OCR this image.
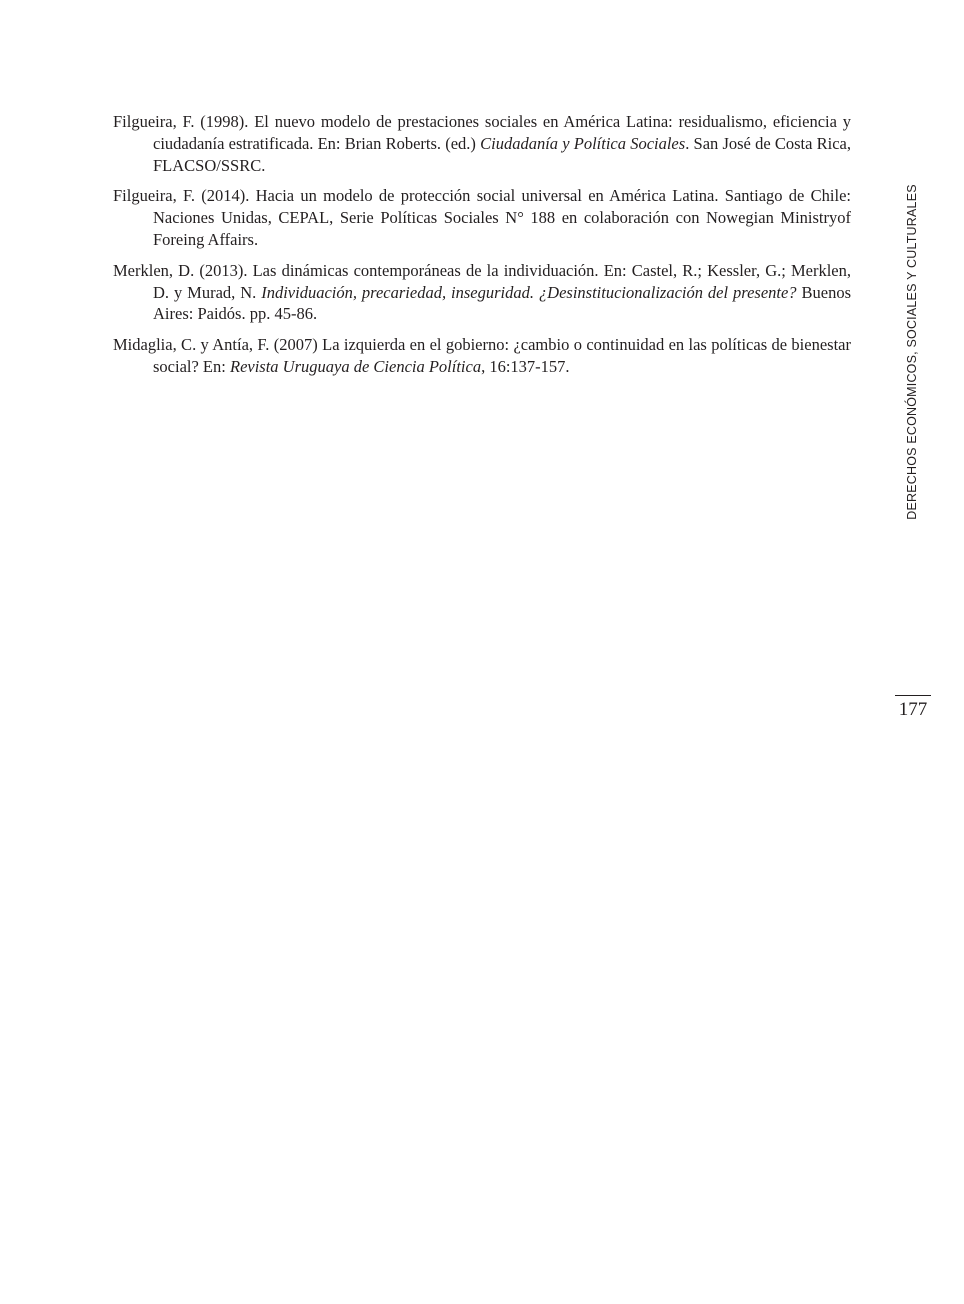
Filgueira, F. (1998). El nuevo modelo de prestaciones sociales en América Latina: residualismo, eficiencia y ciudadanía estratificada. En: Brian Roberts. (ed.) Ciudadanía y Política Sociales. San José de Costa Rica, FLACSO/SSRC.

Filgueira, F. (2014). Hacia un modelo de protección social universal en América Latina. Santiago de Chile: Naciones Unidas, CEPAL, Serie Políticas Sociales N° 188 en colaboración con Nowegian Ministryof Foreing Affairs.

Merklen, D. (2013). Las dinámicas contemporáneas de la individuación. En: Castel, R.; Kessler, G.; Merklen, D. y Murad, N. Individuación, precariedad, inseguridad. ¿Desinstitucionalización del presente? Buenos Aires: Paidós. pp. 45-86.

Midaglia, C. y Antía, F. (2007) La izquierda en el gobierno: ¿cambio o continuidad en las políticas de bienestar social? En: Revista Uruguaya de Ciencia Política, 16:137-157.	DERECHOS ECONÓMICOS, SOCIALES Y CULTURALES
177
